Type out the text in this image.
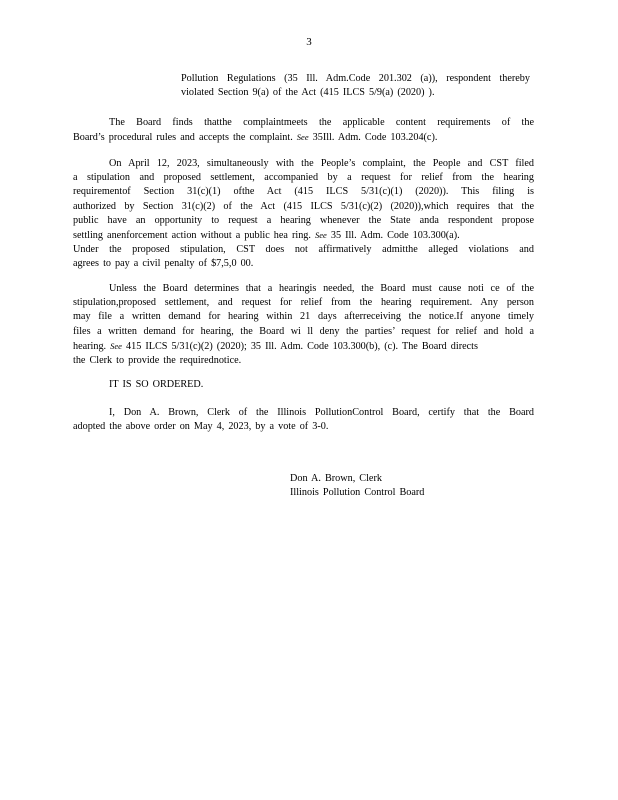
3
Pollution Regulations (35 Ill. Adm.Code 201.302 (a)), respondent thereby
violated Section 9(a) of the Act (415 ILCS 5/9(a) (2020) ).
The Board finds thatthe complaintmeets the applicable content requirements of the
Board’s procedural rules and accepts the complaint. See 35Ill. Adm. Code 103.204(c).
On April 12, 2023, simultaneously with the People’s complaint, the People and CST filed
a stipulation and proposed settlement, accompanied by a request for relief from the hearing
requirementof Section 31(c)(1) ofthe Act (415 ILCS 5/31(c)(1) (2020)). This filing is
authorized by Section 31(c)(2) of the Act (415 ILCS 5/31(c)(2) (2020)),which requires that the
public have an opportunity to request a hearing whenever the State anda respondent propose
settling anenforcement action without a public hea ring. See 35 Ill. Adm. Code 103.300(a).
Under the proposed stipulation, CST does not affirmatively admitthe alleged violations and
agrees to pay a civil penalty of $7,5,0 00.
Unless the Board determines that a hearingis needed, the Board must cause noti ce of the
stipulation,proposed settlement, and request for relief from the hearing requirement. Any person
may file a written demand for hearing within 21 days afterreceiving the notice.If anyone timely
files a written demand for hearing, the Board wi ll deny the parties’ request for relief and hold a
hearing. See 415 ILCS 5/31(c)(2) (2020); 35 Ill. Adm. Code 103.300(b), (c). The Board directs
the Clerk to provide the requirednotice.
IT IS SO ORDERED.
I, Don A. Brown, Clerk of the Illinois PollutionControl Board, certify that the Board
adopted the above order on May 4, 2023, by a vote of 3-0.
Don A. Brown, Clerk
Illinois Pollution Control Board
